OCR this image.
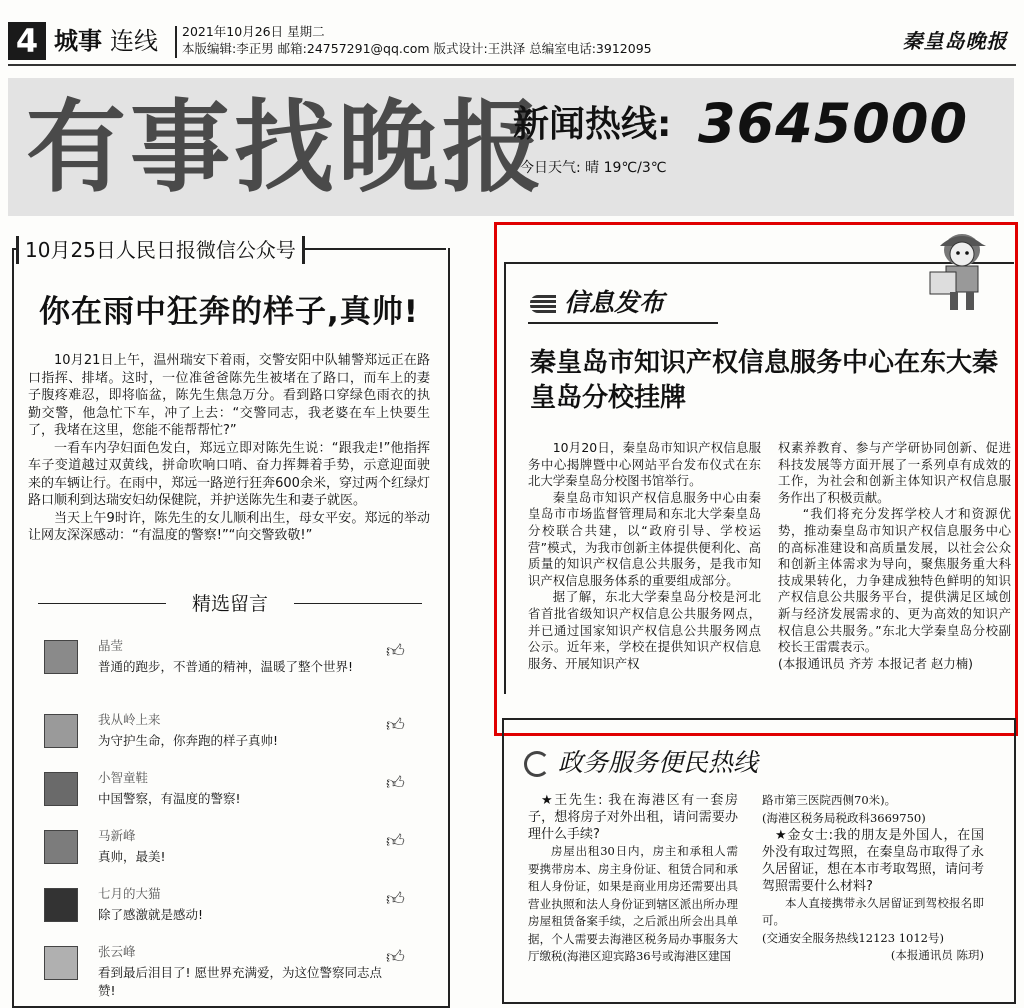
4 城事 连线 2021年10月26日 星期二
本版编辑:李正男 邮箱:24757291@qq.com 版式设计:王洪泽 总编室电话:3912095	秦皇岛晚报
有事找晚报
新闻热线: 3645000
今日天气: 晴 19℃/3℃
10月25日人民日报微信公众号
你在雨中狂奔的样子,真帅!

10月21日上午，温州瑞安下着雨，交警安阳中队辅警郑远正在路口指挥、排堵。这时，一位准爸爸陈先生被堵在了路口，而车上的妻子腹疼难忍，即将临盆，陈先生焦急万分。看到路口穿绿色雨衣的执勤交警，他急忙下车，冲了上去：“交警同志，我老婆在车上快要生了，我堵在这里，您能不能帮帮忙?”

一看车内孕妇面色发白，郑远立即对陈先生说：“跟我走!”他指挥车子变道越过双黄线，拼命吹响口哨、奋力挥舞着手势，示意迎面驶来的车辆让行。在雨中，郑远一路逆行狂奔600余米，穿过两个红绿灯路口顺利到达瑞安妇幼保健院，并护送陈先生和妻子就医。

当天上午9时许，陈先生的女儿顺利出生，母女平安。郑远的举动让网友深深感动：“有温度的警察!”“向交警致敬!”

精选留言
晶莹
普通的跑步，不普通的精神，温暖了整个世界!
👍︎
我从岭上来
为守护生命，你奔跑的样子真帅!
👍︎
小智童鞋
中国警察，有温度的警察!
👍︎
马新峰
真帅，最美!
👍︎
七月的大猫
除了感激就是感动!
👍︎
张云峰
看到最后泪目了! 愿世界充满爱，为这位警察同志点赞!
👍︎
信息发布
秦皇岛市知识产权信息服务中心在东大秦皇岛分校挂牌

10月20日，秦皇岛市知识产权信息服务中心揭牌暨中心网站平台发布仪式在东北大学秦皇岛分校图书馆举行。

秦皇岛市知识产权信息服务中心由秦皇岛市市场监督管理局和东北大学秦皇岛分校联合共建，以“政府引导、学校运营”模式，为我市创新主体提供便利化、高质量的知识产权信息公共服务，是我市知识产权信息服务体系的重要组成部分。

据了解，东北大学秦皇岛分校是河北省首批省级知识产权信息公共服务网点，并已通过国家知识产权信息公共服务网点公示。近年来，学校在提供知识产权信息服务、开展知识产权

权素养教育、参与产学研协同创新、促进科技发展等方面开展了一系列卓有成效的工作，为社会和创新主体知识产权信息服务作出了积极贡献。

“我们将充分发挥学校人才和资源优势，推动秦皇岛市知识产权信息服务中心的高标准建设和高质量发展，以社会公众和创新主体需求为导向，聚焦服务重大科技成果转化，力争建成独特色鲜明的知识产权信息公共服务平台，提供满足区域创新与经济发展需求的、更为高效的知识产权信息公共服务。”东北大学秦皇岛分校副校长王雷震表示。

(本报通讯员 齐芳 本报记者 赵力楠)

政务服务便民热线

★王先生: 我在海港区有一套房子，想将房子对外出租，请问需要办理什么手续?

房屋出租30日内，房主和承租人需要携带房本、房主身份证、租赁合同和承租人身份证，如果是商业用房还需要出具营业执照和法人身份证到辖区派出所办理房屋租赁备案手续，之后派出所会出具单据，个人需要去海港区税务局办事服务大厅缴税(海港区迎宾路36号或海港区建国

路市第三医院西侧70米)。

(海港区税务局税政科3669750)

★金女士:我的朋友是外国人，在国外没有取过驾照，在秦皇岛市取得了永久居留证，想在本市考取驾照，请问考驾照需要什么材料?

本人直接携带永久居留证到驾校报名即可。

(交通安全服务热线12123 1012号)

(本报通讯员 陈玥)
